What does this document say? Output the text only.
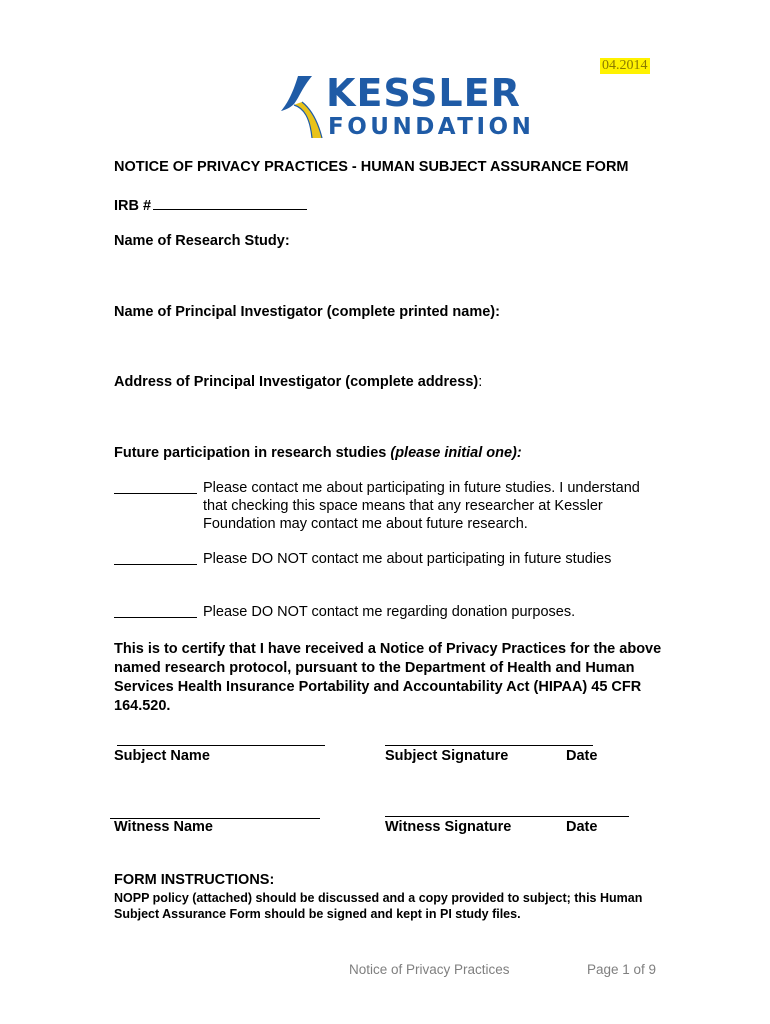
04.2014
KESSLER
FOUNDATION
NOTICE OF PRIVACY PRACTICES - HUMAN SUBJECT ASSURANCE FORM
IRB #
Name of Research Study:
Name of Principal Investigator (complete printed name):
Address of Principal Investigator (complete address):
Future participation in research studies (please initial one):
Please contact me about participating in future studies. I understand that checking this space means that any researcher at Kessler Foundation may contact me about future research.
Please DO NOT contact me about participating in future studies
Please DO NOT contact me regarding donation purposes.
This is to certify that I have received a Notice of Privacy Practices for the above named research protocol, pursuant to the Department of Health and Human Services Health Insurance Portability and Accountability Act (HIPAA) 45 CFR 164.520.
Subject Name	Subject Signature	Date
Witness Name	Witness Signature	Date
FORM INSTRUCTIONS:
NOPP policy (attached) should be discussed and a copy provided to subject; this Human Subject Assurance Form should be signed and kept in PI study files.
Notice of Privacy Practices	Page 1 of 9
